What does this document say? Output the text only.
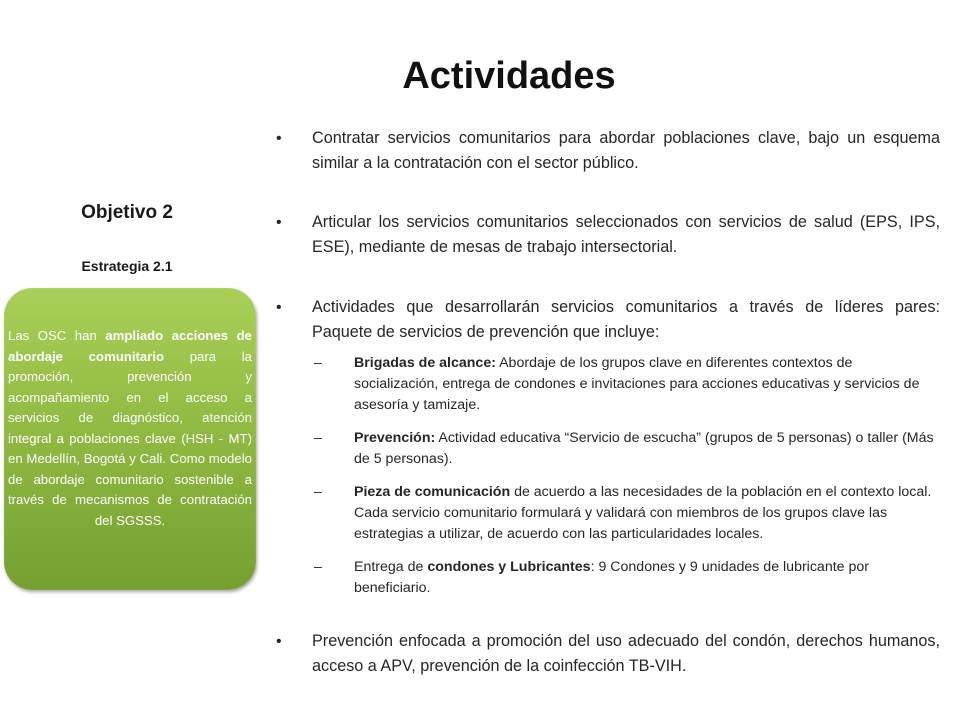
Actividades
Objetivo 2
Estrategia 2.1
Las OSC han ampliado acciones de abordaje comunitario para la promoción, prevención y acompañamiento en el acceso a servicios de diagnóstico, atención integral a poblaciones clave (HSH - MT) en Medellín, Bogotá y Cali. Como modelo de abordaje comunitario sostenible a través de mecanismos de contratación del SGSSS.
• Contratar servicios comunitarios para abordar poblaciones clave, bajo un esquema similar a la contratación con el sector público.
• Articular los servicios comunitarios seleccionados con servicios de salud (EPS, IPS, ESE), mediante de mesas de trabajo intersectorial.
• Actividades que desarrollarán servicios comunitarios a través de líderes pares: Paquete de servicios de prevención que incluye:
– Brigadas de alcance: Abordaje de los grupos clave en diferentes contextos de socialización, entrega de condones e invitaciones para acciones educativas y servicios de asesoría y tamizaje.
– Prevención: Actividad educativa “Servicio de escucha” (grupos de 5 personas) o taller (Más de 5 personas).
– Pieza de comunicación de acuerdo a las necesidades de la población en el contexto local. Cada servicio comunitario formulará y validará con miembros de los grupos clave las estrategias a utilizar, de acuerdo con las particularidades locales.
– Entrega de condones y Lubricantes: 9 Condones y 9 unidades de lubricante por beneficiario.
• Prevención enfocada a promoción del uso adecuado del condón, derechos humanos, acceso a APV, prevención de la coinfección TB-VIH.
